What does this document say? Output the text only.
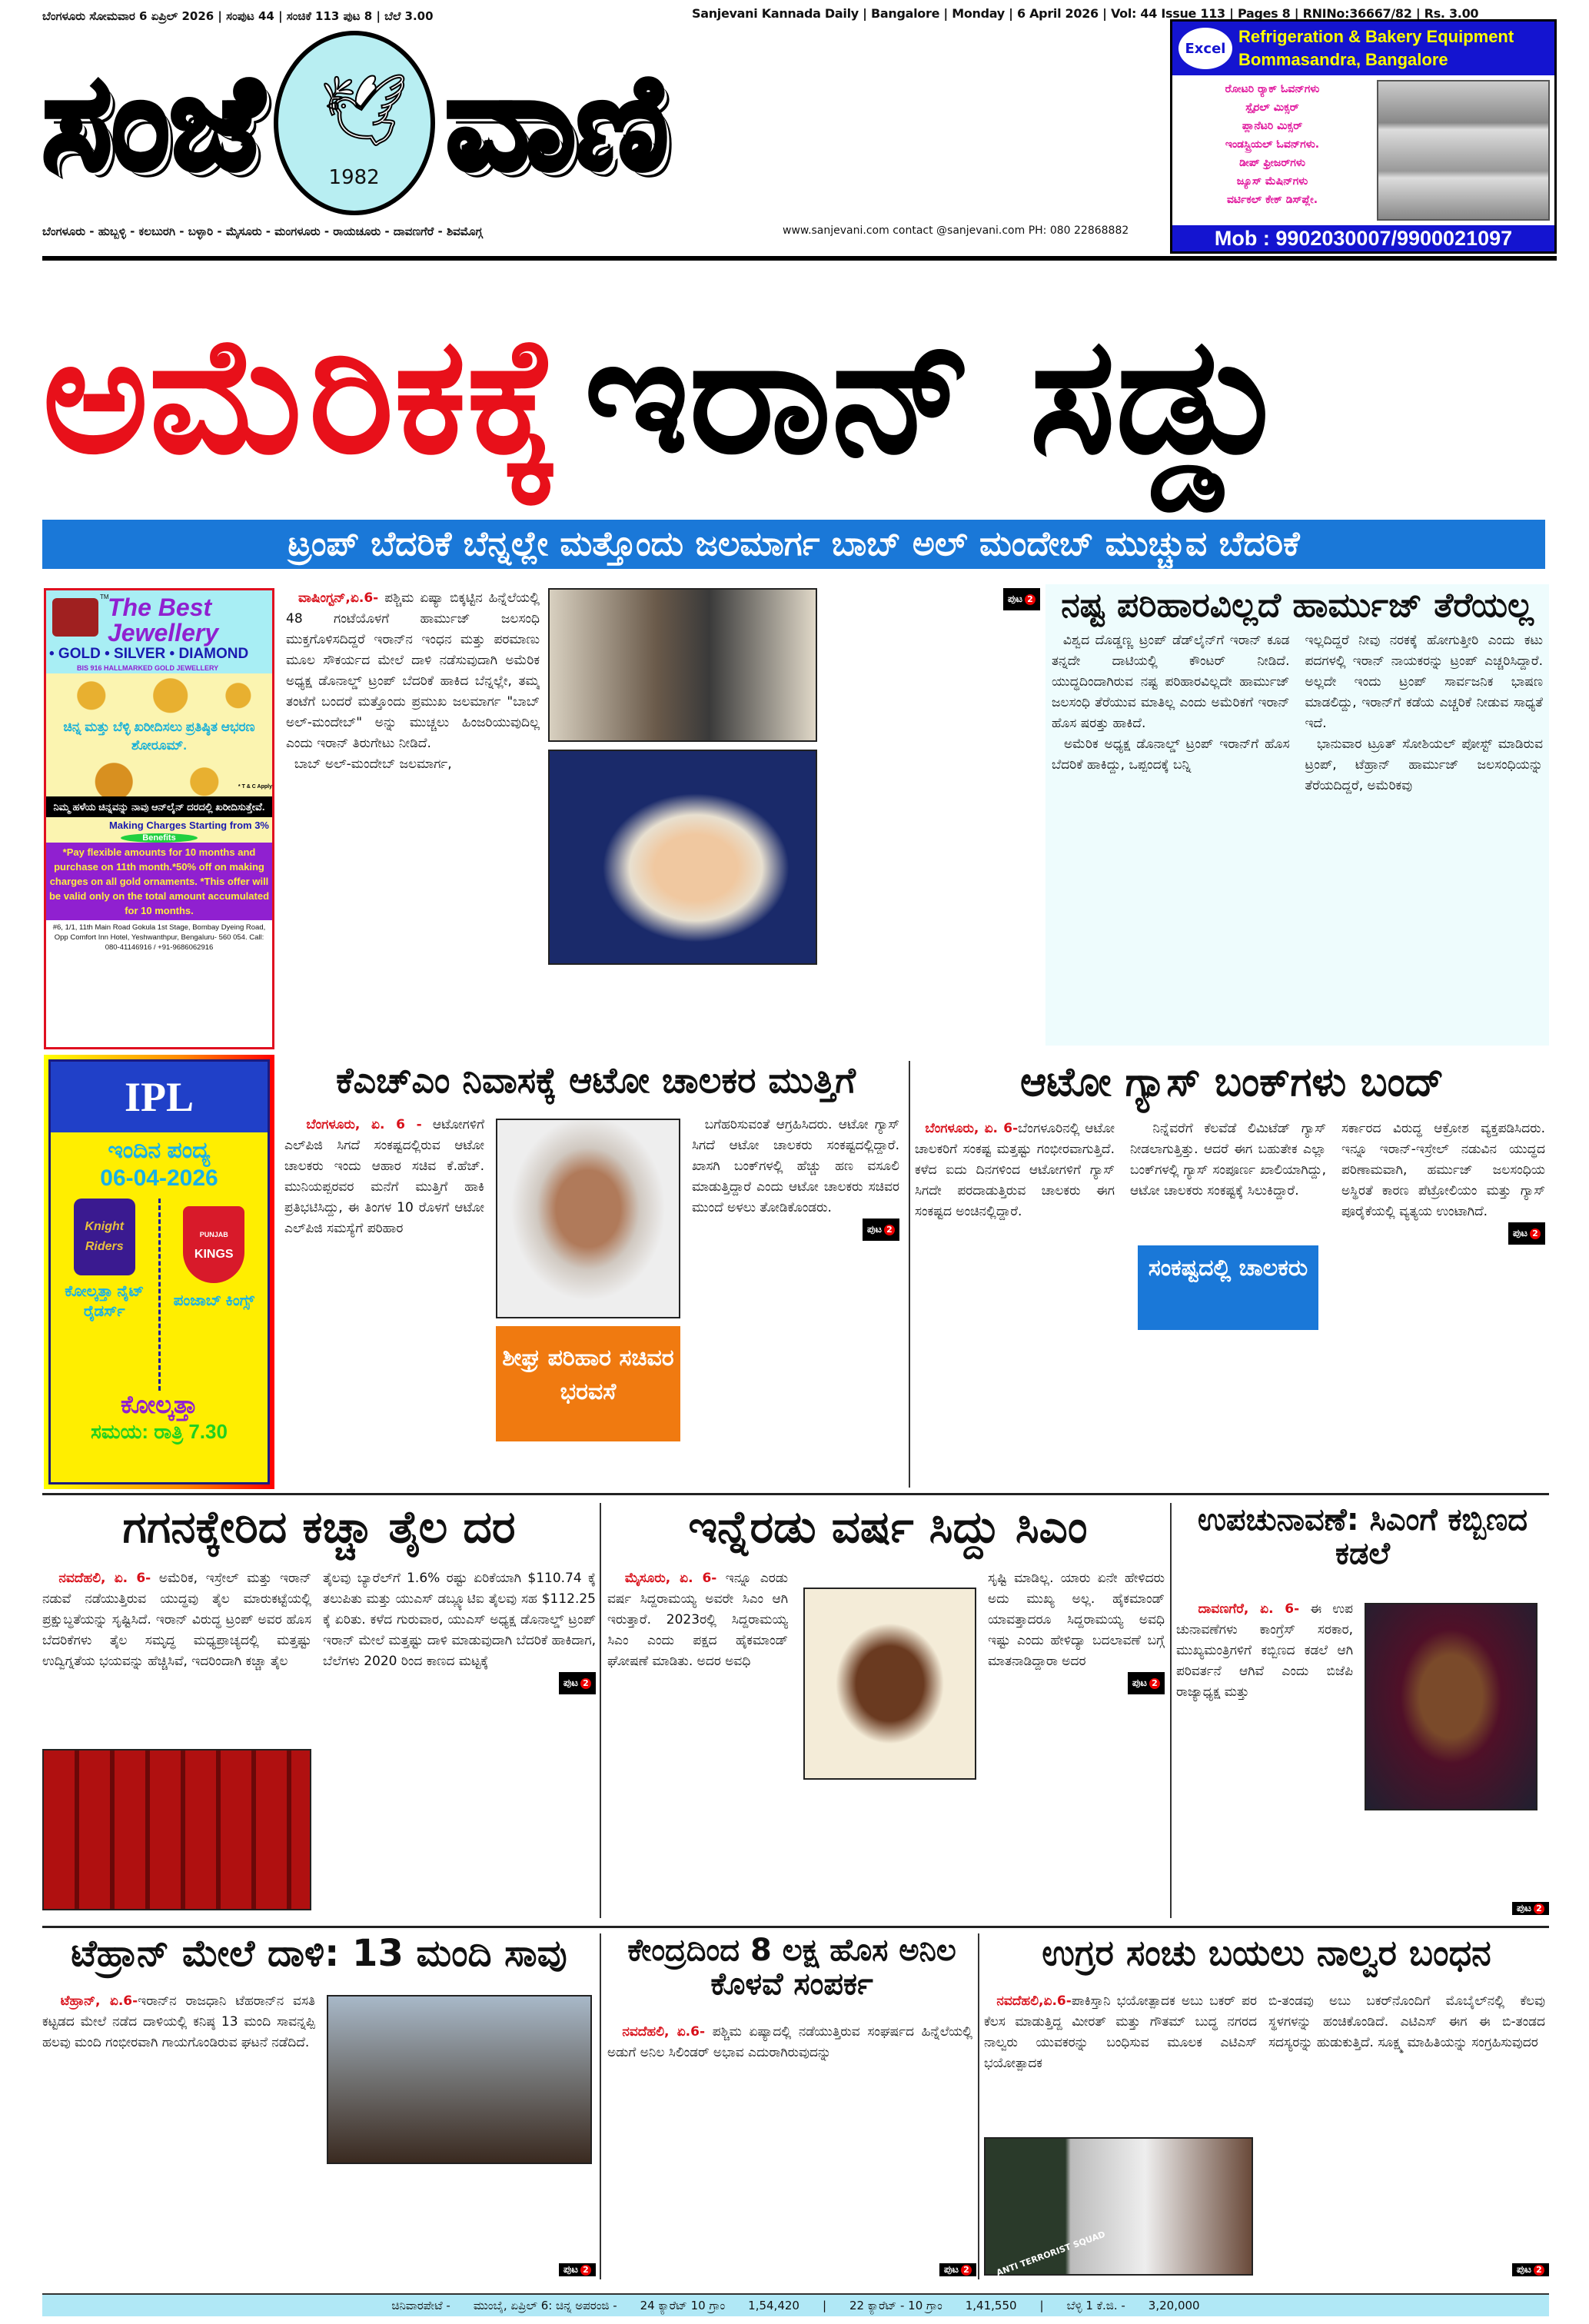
ಬೆಂಗಳೂರು ಸೋಮವಾರ 6 ಏಪ್ರಿಲ್ 2026 | ಸಂಪುಟ 44 | ಸಂಚಿಕೆ 113 ಪುಟ 8 | ಬೆಲೆ 3.00	Sanjevani Kannada Daily | Bangalore | Monday | 6 April 2026 | Vol: 44 Issue 113 | Pages 8 | RNINo:36667/82 | Rs. 3.00
ಸಂಜೆ 🕊
1982 ವಾಣಿ
ಬೆಂಗಳೂರು - ಹುಬ್ಬಳ್ಳಿ - ಕಲಬುರಗಿ - ಬಳ್ಳಾರಿ - ಮೈಸೂರು - ಮಂಗಳೂರು - ರಾಯಚೂರು - ದಾವಣಗೆರೆ - ಶಿವಮೊಗ್ಗ	www.sanjevani.com contact @sanjevani.com PH: 080 22868882
Excel
Refrigeration & Bakery Equipment
Bommasandra, Bangalore
ರೋಟರಿ ರ್‍ಯಾಕ್ ಓವನ್‌ಗಳು
ಸ್ಪೈರಲ್ ಮಿಕ್ಸರ್
ಪ್ಲಾನೆಟರಿ ಮಿಕ್ಸರ್
ಇಂಡಸ್ಟ್ರಿಯಲ್ ಓವನ್‌ಗಳು.
ಡೀಪ್ ಫ್ರೀಜರ್‌ಗಳು
ಜ್ಯೂಸ್ ಮೆಷಿನ್‌ಗಳು
ವರ್ಟಿಕಲ್ ಕೇಕ್ ಡಿಸ್‌ಪ್ಲೇ.
Mob : 9902030007/9900021097
ಅಮೆರಿಕಕ್ಕೆ ಇರಾನ್ ಸಡ್ಡು
ಟ್ರಂಪ್ ಬೆದರಿಕೆ ಬೆನ್ನಲ್ಲೇ ಮತ್ತೊಂದು ಜಲಮಾರ್ಗ ಬಾಬ್ ಅಲ್ ಮಂದೇಬ್ ಮುಚ್ಚುವ ಬೆದರಿಕೆ
The Best
Jewellery
TM
• GOLD • SILVER • DIAMOND
BIS 916 HALLMARKED GOLD JEWELLERY
ಚಿನ್ನ ಮತ್ತು ಬೆಳ್ಳಿ ಖರೀದಿಸಲು ಪ್ರತಿಷ್ಠಿತ ಆಭರಣ ಶೋರೂಮ್.
* T & C Apply
ನಿಮ್ಮ ಹಳೆಯ ಚಿನ್ನವನ್ನು ನಾವು ಆನ್‌ಲೈನ್ ದರದಲ್ಲಿ ಖರೀದಿಸುತ್ತೇವೆ.
Making Charges Starting from 3%
Benefits
*Pay flexible amounts for 10 months and purchase on 11th month.*50% off on making charges on all gold ornaments. *This offer will be valid only on the total amount accumulated for 10 months.
#6, 1/1, 11th Main Road Gokula 1st Stage, Bombay Dyeing Road, Opp Comfort Inn Hotel, Yeshwanthpur, Bengaluru- 560 054. Call: 080-41146916 / +91-9686062916

ವಾಷಿಂಗ್ಟನ್,ಏ.6- ಪಶ್ಚಿಮ ಏಷ್ಯಾ ಬಿಕ್ಕಟ್ಟಿನ ಹಿನ್ನೆಲೆಯಲ್ಲಿ 48 ಗಂಟೆಯೊಳಗೆ ಹಾರ್ಮುಜ್ ಜಲಸಂಧಿ ಮುಕ್ತಗೊಳಿಸದಿದ್ದರೆ ಇರಾನ್‌ನ ಇಂಧನ ಮತ್ತು ಪರಮಾಣು ಮೂಲ ಸೌಕರ್ಯದ ಮೇಲೆ ದಾಳಿ ನಡೆಸುವುದಾಗಿ ಅಮೆರಿಕ ಅಧ್ಯಕ್ಷ ಡೊನಾಲ್ಡ್ ಟ್ರಂಪ್ ಬೆದರಿಕೆ ಹಾಕಿದ ಬೆನ್ನಲ್ಲೇ, ತಮ್ಮ ತಂಟೆಗೆ ಬಂದರೆ ಮತ್ತೊಂದು ಪ್ರಮುಖ ಜಲಮಾರ್ಗ "ಬಾಬ್ ಅಲ್-ಮಂದೇಬ್" ಅನ್ನು ಮುಚ್ಚಲು ಹಿಂಜರಿಯುವುದಿಲ್ಲ ಎಂದು ಇರಾನ್ ತಿರುಗೇಟು ನೀಡಿದೆ.

ಬಾಬ್ ಅಲ್-ಮಂದೇಬ್ ಜಲಮಾರ್ಗ,

ಪುಟ 2 ನಷ್ಟ ಪರಿಹಾರವಿಲ್ಲದೆ ಹಾರ್ಮುಜ್ ತೆರೆಯಲ್ಲ

ವಿಶ್ವದ ದೊಡ್ಡಣ್ಣ ಟ್ರಂಪ್ ಡೆಡ್‌ಲೈನ್‌ಗೆ ಇರಾನ್ ಕೂಡ ತನ್ನದೇ ದಾಟಿಯಲ್ಲಿ ಕೌಂಟರ್ ನೀಡಿದೆ. ಯುದ್ಧದಿಂದಾಗಿರುವ ನಷ್ಟ ಪರಿಹಾರವಿಲ್ಲದೇ ಹಾರ್ಮುಜ್ ಜಲಸಂಧಿ ತೆರೆಯುವ ಮಾತಿಲ್ಲ ಎಂದು ಅಮೆರಿಕಗೆ ಇರಾನ್ ಹೊಸ ಷರತ್ತು ಹಾಕಿದೆ.

ಅಮೆರಿಕ ಅಧ್ಯಕ್ಷ ಡೊನಾಲ್ಡ್ ಟ್ರಂಪ್ ಇರಾನ್‌ಗೆ ಹೊಸ ಬೆದರಿಕೆ ಹಾಕಿದ್ದು, ಒಪ್ಪಂದಕ್ಕೆ ಬನ್ನಿ

ಇಲ್ಲದಿದ್ದರೆ ನೀವು ನರಕಕ್ಕೆ ಹೋಗುತ್ತೀರಿ ಎಂದು ಕಟು ಪದಗಳಲ್ಲಿ ಇರಾನ್ ನಾಯಕರನ್ನು ಟ್ರಂಪ್ ಎಚ್ಚರಿಸಿದ್ದಾರೆ. ಅಲ್ಲದೇ ಇಂದು ಟ್ರಂಪ್ ಸಾರ್ವಜನಿಕ ಭಾಷಣ ಮಾಡಲಿದ್ದು, ಇರಾನ್‌ಗೆ ಕಡೆಯ ಎಚ್ಚರಿಕೆ ನೀಡುವ ಸಾಧ್ಯತೆ ಇದೆ.

ಭಾನುವಾರ ಟ್ರೂತ್ ಸೋಶಿಯಲ್ ಪೋಸ್ಟ್ ಮಾಡಿರುವ ಟ್ರಂಪ್, ಟೆಹ್ರಾನ್ ಹಾರ್ಮುಜ್ ಜಲಸಂಧಿಯನ್ನು ತೆರೆಯದಿದ್ದರೆ, ಅಮೆರಿಕವು

IPL
ಇಂದಿನ ಪಂದ್ಯ
06-04-2026
Knight Riders
ಕೋಲ್ಕತ್ತಾ ನೈಟ್ ರೈಡರ್ಸ್
PUNJAB
KINGS
ಪಂಜಾಬ್ ಕಿಂಗ್ಸ್
ಕೋಲ್ಕತ್ತಾ
ಸಮಯ: ರಾತ್ರಿ 7.30
ಕೆಎಚ್‌ಎಂ ನಿವಾಸಕ್ಕೆ ಆಟೋ ಚಾಲಕರ ಮುತ್ತಿಗೆ

ಬೆಂಗಳೂರು, ಏ. 6 - ಆಟೋಗಳಿಗೆ ಎಲ್‌ಪಿಜಿ ಸಿಗದೆ ಸಂಕಷ್ಟದಲ್ಲಿರುವ ಆಟೋ ಚಾಲಕರು ಇಂದು ಆಹಾರ ಸಚಿವ ಕೆ.ಹೆಚ್. ಮುನಿಯಪ್ಪರವರ ಮನೆಗೆ ಮುತ್ತಿಗೆ ಹಾಕಿ ಪ್ರತಿಭಟಿಸಿದ್ದು, ಈ ತಿಂಗಳ 10 ರೊಳಗೆ ಆಟೋ ಎಲ್‌ಪಿಜಿ ಸಮಸ್ಯೆಗೆ ಪರಿಹಾರ

ಶೀಘ್ರ ಪರಿಹಾರ ಸಚಿವರ ಭರವಸೆ

ಬಗೆಹರಿಸುವಂತೆ ಆಗ್ರಹಿಸಿದರು. ಆಟೋ ಗ್ಯಾಸ್ ಸಿಗದೆ ಆಟೋ ಚಾಲಕರು ಸಂಕಷ್ಟದಲ್ಲಿದ್ದಾರೆ. ಖಾಸಗಿ ಬಂಕ್‌ಗಳಲ್ಲಿ ಹೆಚ್ಚು ಹಣ ವಸೂಲಿ ಮಾಡುತ್ತಿದ್ದಾರೆ ಎಂದು ಆಟೋ ಚಾಲಕರು ಸಚಿವರ ಮುಂದೆ ಅಳಲು ತೋಡಿಕೊಂಡರು.

ಪುಟ 2
ಆಟೋ ಗ್ಯಾಸ್ ಬಂಕ್‌ಗಳು ಬಂದ್

ಬೆಂಗಳೂರು, ಏ. 6-ಬೆಂಗಳೂರಿನಲ್ಲಿ ಆಟೋ ಚಾಲಕರಿಗೆ ಸಂಕಷ್ಟ ಮತ್ತಷ್ಟು ಗಂಭೀರವಾಗುತ್ತಿದೆ. ಕಳೆದ ಐದು ದಿನಗಳಿಂದ ಆಟೋಗಳಿಗೆ ಗ್ಯಾಸ್ ಸಿಗದೇ ಪರದಾಡುತ್ತಿರುವ ಚಾಲಕರು ಈಗ ಸಂಕಷ್ಟದ ಅಂಚಿನಲ್ಲಿದ್ದಾರೆ.

ನಿನ್ನೆವರೆಗೆ ಕೆಲವೆಡೆ ಲಿಮಿಟೆಡ್ ಗ್ಯಾಸ್ ನೀಡಲಾಗುತ್ತಿತ್ತು. ಆದರೆ ಈಗ ಬಹುತೇಕ ಎಲ್ಲಾ ಬಂಕ್‌ಗಳಲ್ಲಿ ಗ್ಯಾಸ್ ಸಂಪೂರ್ಣ ಖಾಲಿಯಾಗಿದ್ದು, ಆಟೋ ಚಾಲಕರು ಸಂಕಷ್ಟಕ್ಕೆ ಸಿಲುಕಿದ್ದಾರೆ.

ಸಂಕಷ್ಟದಲ್ಲಿ ಚಾಲಕರು

ಸರ್ಕಾರದ ವಿರುದ್ಧ ಆಕ್ರೋಶ ವ್ಯಕ್ತಪಡಿಸಿದರು. ಇನ್ನೂ ಇರಾನ್-ಇಸ್ರೇಲ್ ನಡುವಿನ ಯುದ್ಧದ ಪರಿಣಾಮವಾಗಿ, ಹರ್ಮುಜ್ ಜಲಸಂಧಿಯ ಅಸ್ಥಿರತೆ ಕಾರಣ ಪೆಟ್ರೋಲಿಯಂ ಮತ್ತು ಗ್ಯಾಸ್ ಪೂರೈಕೆಯಲ್ಲಿ ವ್ಯತ್ಯಯ ಉಂಟಾಗಿದೆ.

ಪುಟ 2
ಗಗನಕ್ಕೇರಿದ ಕಚ್ಚಾ ತೈಲ ದರ

ನವದೆಹಲಿ, ಏ. 6- ಅಮೆರಿಕ, ಇಸ್ರೇಲ್ ಮತ್ತು ಇರಾನ್ ನಡುವೆ ನಡೆಯುತ್ತಿರುವ ಯುದ್ಧವು ತೈಲ ಮಾರುಕಟ್ಟೆಯಲ್ಲಿ ಪ್ರಕ್ಷುಬ್ಧತೆಯನ್ನು ಸೃಷ್ಟಿಸಿದೆ. ಇರಾನ್ ವಿರುದ್ಧ ಟ್ರಂಪ್ ಅವರ ಹೊಸ ಬೆದರಿಕೆಗಳು ತೈಲ ಸಮೃದ್ಧ ಮಧ್ಯಪ್ರಾಚ್ಯದಲ್ಲಿ ಮತ್ತಷ್ಟು ಉದ್ವಿಗ್ನತೆಯ ಭಯವನ್ನು ಹೆಚ್ಚಿಸಿವೆ, ಇದರಿಂದಾಗಿ ಕಚ್ಚಾ ತೈಲ

ತೈಲವು ಬ್ಯಾರೆಲ್‌ಗೆ 1.6% ರಷ್ಟು ಏರಿಕೆಯಾಗಿ $110.74 ಕ್ಕೆ ತಲುಪಿತು ಮತ್ತು ಯುಎಸ್ ಡಬ್ಲ್ಯೂಟಿಐ ತೈಲವು ಸಹ $112.25 ಕ್ಕೆ ಏರಿತು. ಕಳೆದ ಗುರುವಾರ, ಯುಎಸ್ ಅಧ್ಯಕ್ಷ ಡೊನಾಲ್ಡ್ ಟ್ರಂಪ್ ಇರಾನ್ ಮೇಲೆ ಮತ್ತಷ್ಟು ದಾಳಿ ಮಾಡುವುದಾಗಿ ಬೆದರಿಕೆ ಹಾಕಿದಾಗ, ಬೆಲೆಗಳು 2020 ರಿಂದ ಕಾಣದ ಮಟ್ಟಕ್ಕೆ

ಪುಟ 2
ಇನ್ನೆರಡು ವರ್ಷ ಸಿದ್ದು ಸಿಎಂ

ಮೈಸೂರು, ಏ. 6- ಇನ್ನೂ ಎರಡು ವರ್ಷ ಸಿದ್ದರಾಮಯ್ಯ ಅವರೇ ಸಿಎಂ ಆಗಿ ಇರುತ್ತಾರೆ. 2023ರಲ್ಲಿ ಸಿದ್ದರಾಮಯ್ಯ ಸಿಎಂ ಎಂದು ಪಕ್ಷದ ಹೈಕಮಾಂಡ್ ಘೋಷಣೆ ಮಾಡಿತು. ಅದರ ಅವಧಿ

ಸೃಷ್ಟಿ ಮಾಡಿಲ್ಲ. ಯಾರು ಏನೇ ಹೇಳಿದರು ಅದು ಮುಖ್ಯ ಅಲ್ಲ. ಹೈಕಮಾಂಡ್ ಯಾವತ್ತಾದರೂ ಸಿದ್ದರಾಮಯ್ಯ ಅವಧಿ ಇಷ್ಟು ಎಂದು ಹೇಳಿದ್ಯಾ ಬದಲಾವಣೆ ಬಗ್ಗೆ ಮಾತನಾಡಿದ್ದಾರಾ ಅದರ

ಪುಟ 2
ಉಪಚುನಾವಣೆ: ಸಿಎಂಗೆ ಕಬ್ಬಿಣದ ಕಡಲೆ

ದಾವಣಗೆರೆ, ಏ. 6- ಈ ಉಪ ಚುನಾವಣೆಗಳು ಕಾಂಗ್ರೆಸ್ ಸರಕಾರ, ಮುಖ್ಯಮಂತ್ರಿಗಳಿಗೆ ಕಬ್ಬಿಣದ ಕಡಲೆ ಆಗಿ ಪರಿವರ್ತನೆ ಆಗಿವೆ ಎಂದು ಬಿಜೆಪಿ ರಾಜ್ಯಾಧ್ಯಕ್ಷ ಮತ್ತು

ಪುಟ 2
ಟೆಹ್ರಾನ್ ಮೇಲೆ ದಾಳಿ: 13 ಮಂದಿ ಸಾವು

ಟೆಹ್ರಾನ್, ಏ.6-ಇರಾನ್‌ನ ರಾಜಧಾನಿ ಟೆಹರಾನ್‌ನ ವಸತಿ ಕಟ್ಟಡದ ಮೇಲೆ ನಡೆದ ದಾಳಿಯಲ್ಲಿ ಕನಿಷ್ಠ 13 ಮಂದಿ ಸಾವನ್ನಪ್ಪಿ ಹಲವು ಮಂದಿ ಗಂಭೀರವಾಗಿ ಗಾಯಗೊಂಡಿರುವ ಘಟನೆ ನಡೆದಿದೆ.

ಪುಟ 2
ಕೇಂದ್ರದಿಂದ 8 ಲಕ್ಷ ಹೊಸ ಅನಿಲ ಕೊಳವೆ ಸಂಪರ್ಕ

ನವದೆಹಲಿ, ಏ.6- ಪಶ್ಚಿಮ ಏಷ್ಯಾದಲ್ಲಿ ನಡೆಯುತ್ತಿರುವ ಸಂಘರ್ಷದ ಹಿನ್ನೆಲೆಯಲ್ಲಿ ಅಡುಗೆ ಅನಿಲ ಸಿಲಿಂಡರ್ ಅಭಾವ ಎದುರಾಗಿರುವುದನ್ನು

ಪುಟ 2
ಉಗ್ರರ ಸಂಚು ಬಯಲು ನಾಲ್ವರ ಬಂಧನ

ನವದೆಹಲಿ,ಏ.6-ಪಾಕಿಸ್ತಾನಿ ಭಯೋತ್ಪಾದಕ ಅಬು ಬಕರ್ ಪರ ಕೆಲಸ ಮಾಡುತ್ತಿದ್ದ ಮೀರತ್ ಮತ್ತು ಗೌತಮ್ ಬುದ್ಧ ನಗರದ ನಾಲ್ವರು ಯುವಕರನ್ನು ಬಂಧಿಸುವ ಮೂಲಕ ಎಟಿಎಸ್ ಭಯೋತ್ಪಾದಕ

ANTI TERRORIST SQUAD

ಬಿ-ತಂಡವು ಅಬು ಬಕರ್‌ನೊಂದಿಗೆ ಮೊಬೈಲ್‌ನಲ್ಲಿ ಕೆಲವು ಸ್ಥಳಗಳನ್ನು ಹಂಚಿಕೊಂಡಿದೆ. ಎಟಿಎಸ್ ಈಗ ಈ ಬಿ-ತಂಡದ ಸದಸ್ಯರನ್ನು ಹುಡುಕುತ್ತಿದೆ. ಸೂಕ್ಷ್ಮ ಮಾಹಿತಿಯನ್ನು ಸಂಗ್ರಹಿಸುವುದರ

ಪುಟ 2
ಚಿನಿವಾರಪೇಟೆ - ಮುಂಬೈ, ಏಪ್ರಿಲ್ 6: ಚಿನ್ನ ಅಪರಂಜಿ - 24 ಕ್ಯಾರೆಟ್ 10 ಗ್ರಾಂ 1,54,420 | 22 ಕ್ಯಾರೆಟ್ - 10 ಗ್ರಾಂ 1,41,550 | ಬೆಳ್ಳಿ 1 ಕೆ.ಜಿ. - 3,20,000
